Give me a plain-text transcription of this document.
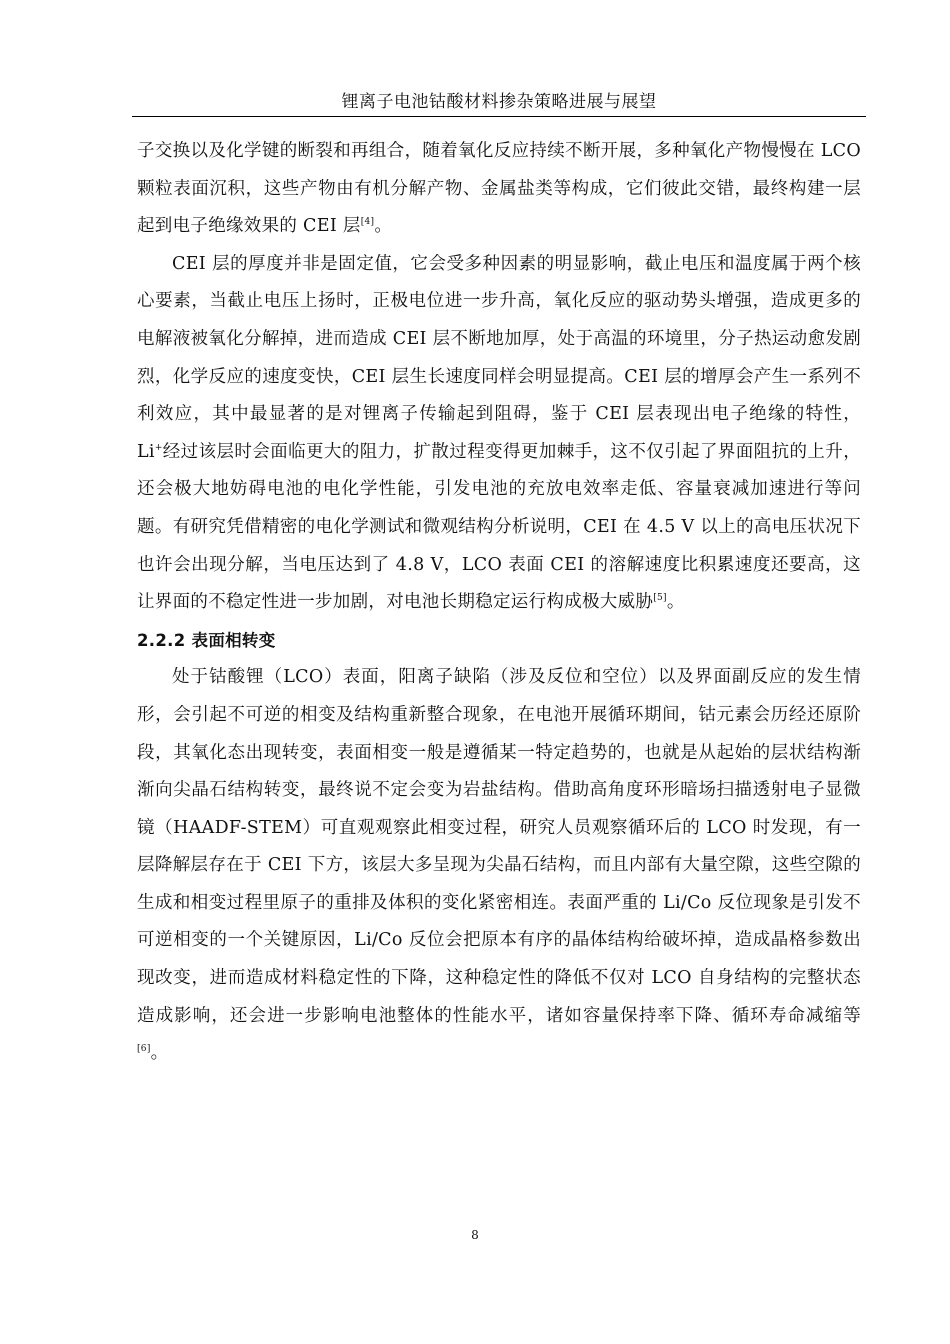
锂离子电池钴酸材料掺杂策略进展与展望

子交换以及化学键的断裂和再组合，随着氧化反应持续不断开展，多种氧化产物慢慢在 LCO 颗粒表面沉积，这些产物由有机分解产物、金属盐类等构成，它们彼此交错，最终构建一层起到电子绝缘效果的 CEI 层[4]。

CEI 层的厚度并非是固定值，它会受多种因素的明显影响，截止电压和温度属于两个核心要素，当截止电压上扬时，正极电位进一步升高，氧化反应的驱动势头增强，造成更多的电解液被氧化分解掉，进而造成 CEI 层不断地加厚，处于高温的环境里，分子热运动愈发剧烈，化学反应的速度变快，CEI 层生长速度同样会明显提高。CEI 层的增厚会产生一系列不利效应，其中最显著的是对锂离子传输起到阻碍，鉴于 CEI 层表现出电子绝缘的特性，Li+经过该层时会面临更大的阻力，扩散过程变得更加棘手，这不仅引起了界面阻抗的上升，还会极大地妨碍电池的电化学性能，引发电池的充放电效率走低、容量衰减加速进行等问题。有研究凭借精密的电化学测试和微观结构分析说明，CEI 在 4.5 V 以上的高电压状况下也许会出现分解，当电压达到了 4.8 V，LCO 表面 CEI 的溶解速度比积累速度还要高，这让界面的不稳定性进一步加剧，对电池长期稳定运行构成极大威胁[5]。

2.2.2 表面相转变

处于钴酸锂（LCO）表面，阳离子缺陷（涉及反位和空位）以及界面副反应的发生情形，会引起不可逆的相变及结构重新整合现象，在电池开展循环期间，钴元素会历经还原阶段，其氧化态出现转变，表面相变一般是遵循某一特定趋势的，也就是从起始的层状结构渐渐向尖晶石结构转变，最终说不定会变为岩盐结构。借助高角度环形暗场扫描透射电子显微镜（HAADF-STEM）可直观观察此相变过程，研究人员观察循环后的 LCO 时发现，有一层降解层存在于 CEI 下方，该层大多呈现为尖晶石结构，而且内部有大量空隙，这些空隙的生成和相变过程里原子的重排及体积的变化紧密相连。表面严重的 Li/Co 反位现象是引发不可逆相变的一个关键原因，Li/Co 反位会把原本有序的晶体结构给破坏掉，造成晶格参数出现改变，进而造成材料稳定性的下降，这种稳定性的降低不仅对 LCO 自身结构的完整状态造成影响，还会进一步影响电池整体的性能水平，诸如容量保持率下降、循环寿命减缩等[6]。

8
